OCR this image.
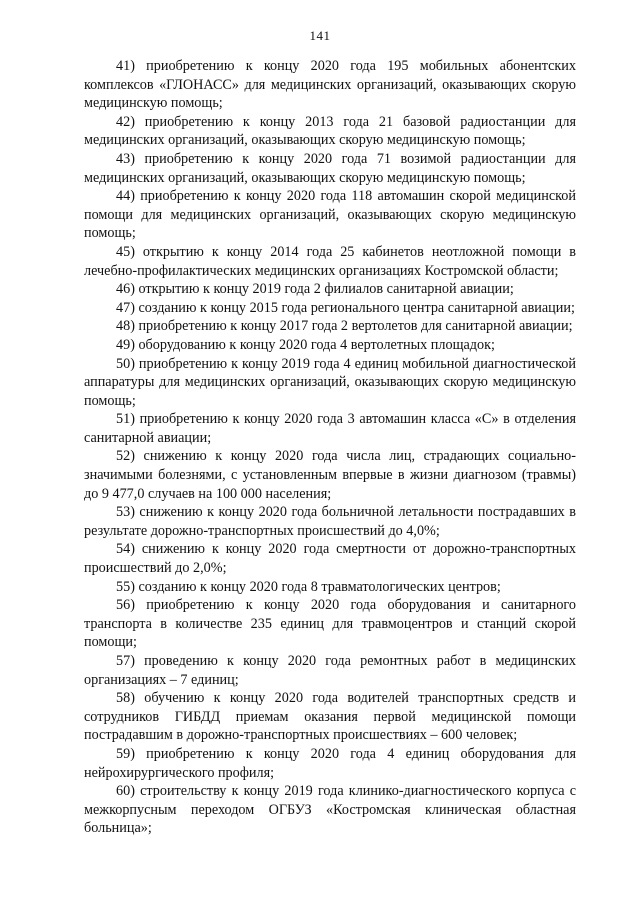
141

41) приобретению к концу 2020 года 195 мобильных абонентских комплексов «ГЛОНАСС» для медицинских организаций, оказывающих скорую медицинскую помощь;

42) приобретению к концу 2013 года 21 базовой радиостанции для медицинских организаций, оказывающих скорую медицинскую помощь;

43) приобретению к концу 2020 года 71 возимой радиостанции для медицинских организаций, оказывающих скорую медицинскую помощь;

44) приобретению к концу 2020 года 118 автомашин скорой медицинской помощи для медицинских организаций, оказывающих скорую медицинскую помощь;

45) открытию к концу 2014 года 25 кабинетов неотложной помощи в лечебно-профилактических медицинских организациях Костромской области;

46) открытию к концу 2019 года 2 филиалов санитарной авиации;

47) созданию к концу 2015 года регионального центра санитарной авиации;

48) приобретению к концу 2017 года 2 вертолетов для санитарной авиации;

49) оборудованию к концу 2020 года 4 вертолетных площадок;

50) приобретению к концу 2019 года 4 единиц мобильной диагностической аппаратуры для медицинских организаций, оказывающих скорую медицинскую помощь;

51) приобретению к концу 2020 года 3 автомашин класса «С» в отделения санитарной авиации;

52) снижению к концу 2020 года числа лиц, страдающих социально-значимыми болезнями, с установленным впервые в жизни диагнозом (травмы) до 9 477,0 случаев на 100 000 населения;

53) снижению к концу 2020 года больничной летальности пострадавших в результате дорожно-транспортных происшествий до 4,0%;

54) снижению к концу 2020 года смертности от дорожно-транспортных происшествий до 2,0%;

55) созданию к концу 2020 года 8 травматологических центров;

56) приобретению к концу 2020 года оборудования и санитарного транспорта в количестве 235 единиц для травмоцентров и станций скорой помощи;

57) проведению к концу 2020 года ремонтных работ в медицинских организациях – 7 единиц;

58) обучению к концу 2020 года водителей транспортных средств и сотрудников ГИБДД приемам оказания первой медицинской помощи пострадавшим в дорожно-транспортных происшествиях – 600 человек;

59) приобретению к концу 2020 года 4 единиц оборудования для нейрохирургического профиля;

60) строительству к концу 2019 года клинико-диагностического корпуса с межкорпусным переходом ОГБУЗ «Костромская клиническая областная больница»;
